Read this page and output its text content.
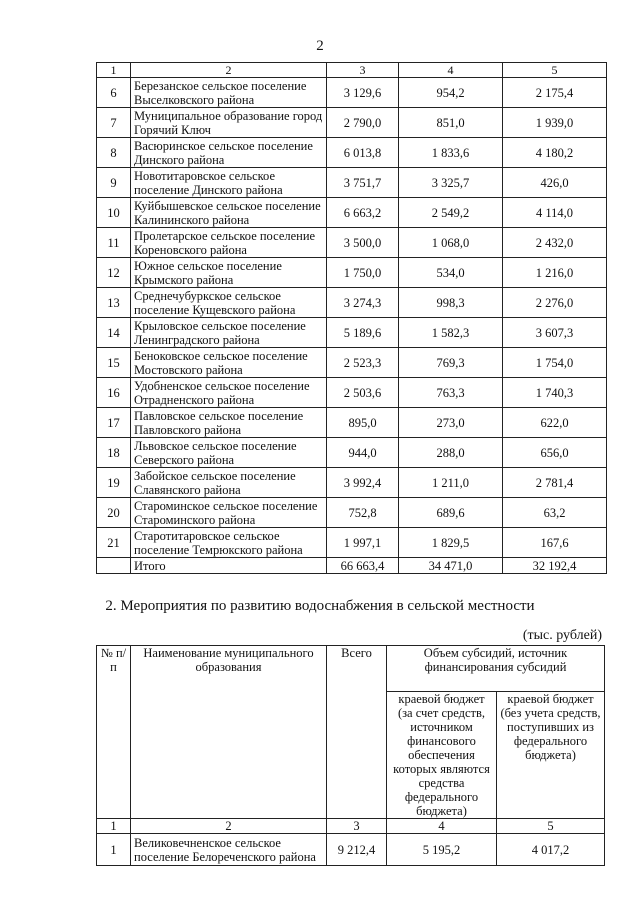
2
1	2	3	4	5
6	Березанское сельское поселение Выселковского района	3 129,6	954,2	2 175,4
7	Муниципальное образование город Горячий Ключ	2 790,0	851,0	1 939,0
8	Васюринское сельское поселение Динского района	6 013,8	1 833,6	4 180,2
9	Новотитаровское сельское поселение Динского района	3 751,7	3 325,7	426,0
10	Куйбышевское сельское поселение Калининского района	6 663,2	2 549,2	4 114,0
11	Пролетарское сельское поселение Кореновского района	3 500,0	1 068,0	2 432,0
12	Южное сельское поселение Крымского района	1 750,0	534,0	1 216,0
13	Среднечубуркское сельское поселение Кущевского района	3 274,3	998,3	2 276,0
14	Крыловское сельское поселение Ленинградского района	5 189,6	1 582,3	3 607,3
15	Беноковское сельское поселение Мостовского района	2 523,3	769,3	1 754,0
16	Удобненское сельское поселение Отрадненского района	2 503,6	763,3	1 740,3
17	Павловское сельское поселение Павловского района	895,0	273,0	622,0
18	Львовское сельское поселение Северского района	944,0	288,0	656,0
19	Забойское сельское поселение Славянского района	3 992,4	1 211,0	2 781,4
20	Староминское сельское поселение Староминского района	752,8	689,6	63,2
21	Старотитаровское сельское поселение Темрюкского района	1 997,1	1 829,5	167,6
	Итого	66 663,4	34 471,0	32 192,4
2. Мероприятия по развитию водоснабжения в сельской местности
(тыс. рублей)
№ п/п	Наименование муниципального образования	Всего	Объем субсидий, источник финансирования субсидий	
			краевой бюджет (за счет средств, источником финансового обеспечения которых являются средства федерального бюджета)	краевой бюджет (без учета средств, поступивших из федерального бюджета)
1	2	3	4	5
1	Великовечненское сельское поселение Белореченского района	9 212,4	5 195,2	4 017,2
